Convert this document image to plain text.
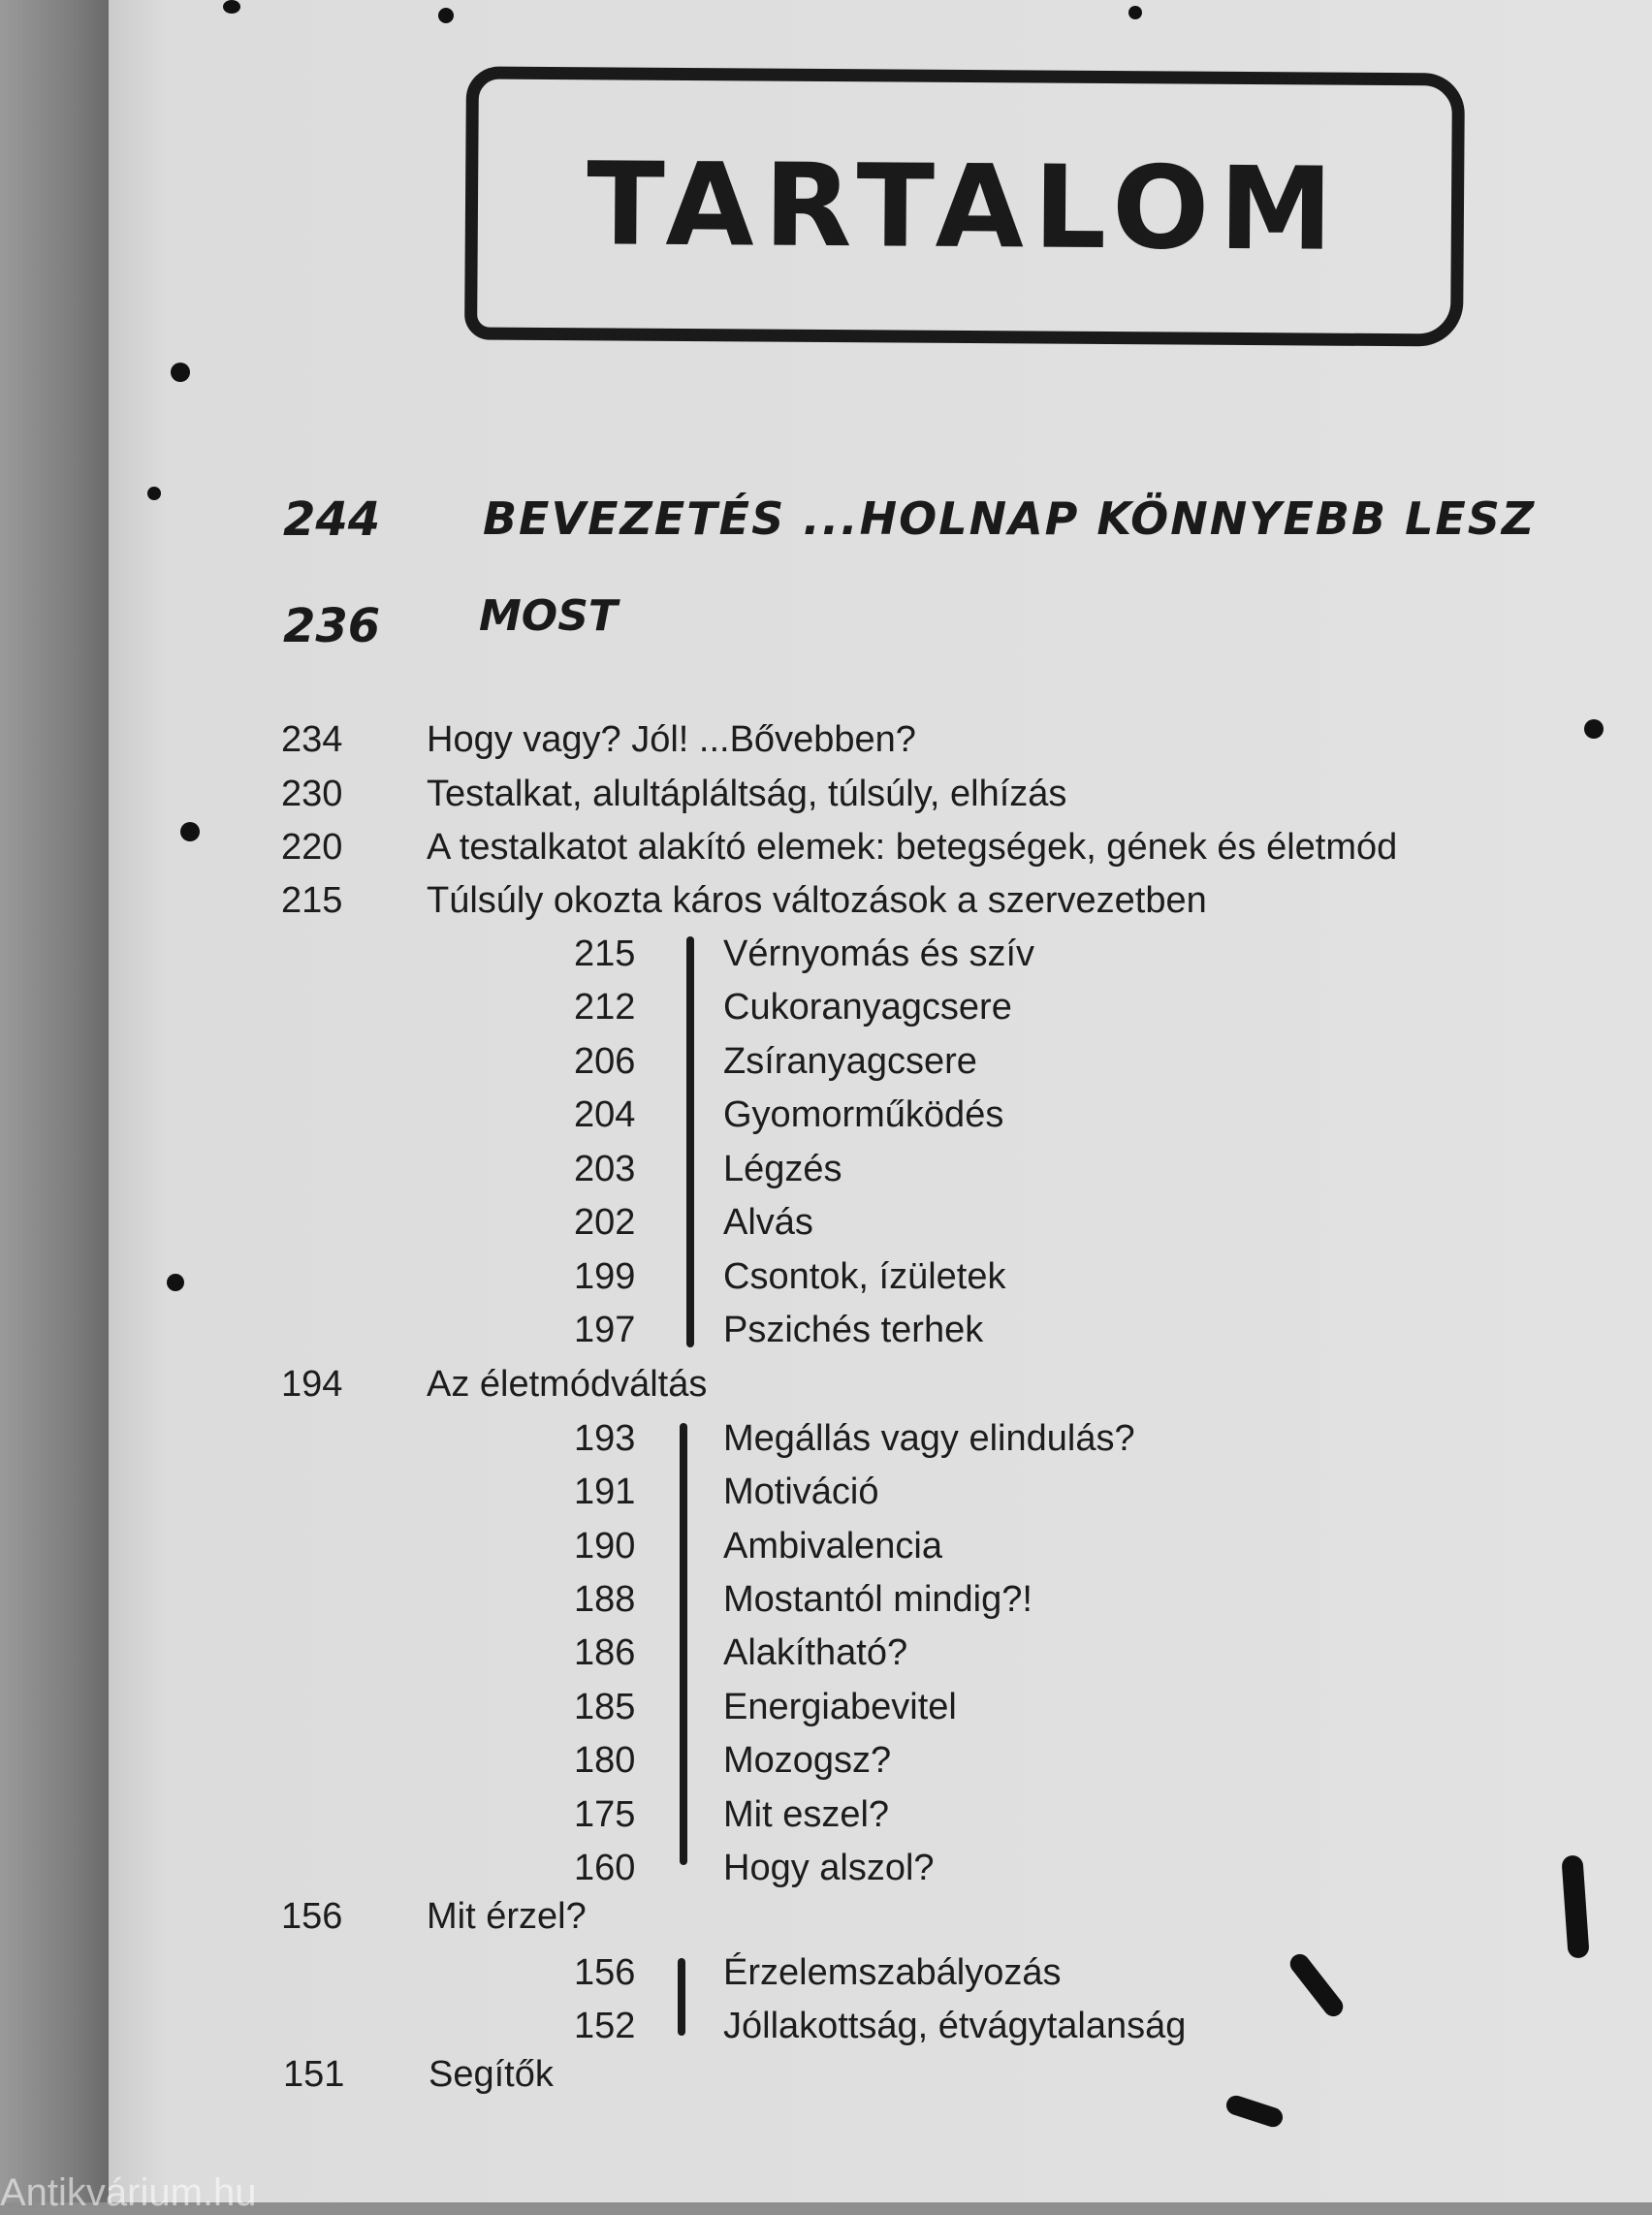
TARTALOM
244 BEVEZETÉS ...HOLNAP KÖNNYEBB LESZ
236 MOST
234 Hogy vagy? Jól! ...Bővebben?
230 Testalkat, alultápláltság, túlsúly, elhízás
220 A testalkatot alakító elemek: betegségek, gének és életmód
215 Túlsúly okozta káros változások a szervezetben
215 Vérnyomás és szív
212 Cukoranyagcsere
206 Zsíranyagcsere
204 Gyomorműködés
203 Légzés
202 Alvás
199 Csontok, ízületek
197 Pszichés terhek
194 Az életmódváltás
193 Megállás vagy elindulás?
191 Motiváció
190 Ambivalencia
188 Mostantól mindig?!
186 Alakítható?
185 Energiabevitel
180 Mozogsz?
175 Mit eszel?
160 Hogy alszol?
156 Mit érzel?
156 Érzelemszabályozás
152 Jóllakottság, étvágytalanság
151 Segítők
Antikvárium.hu
